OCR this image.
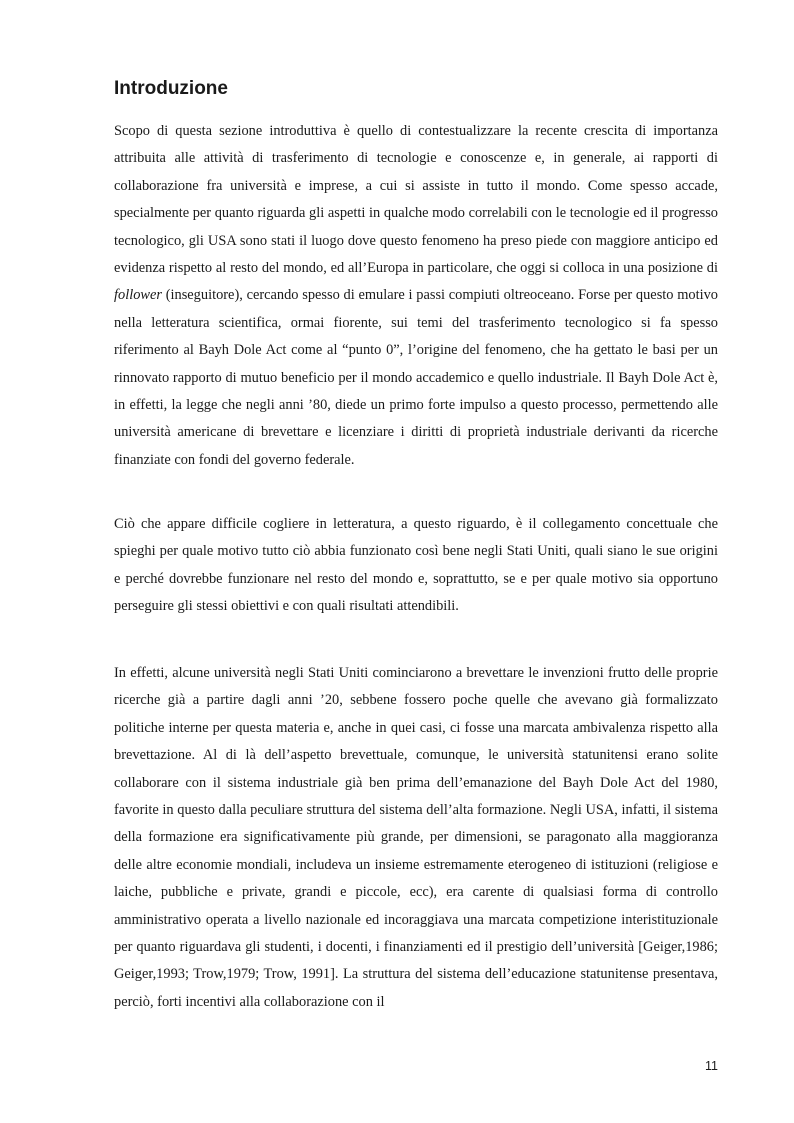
Introduzione

Scopo di questa sezione introduttiva è quello di contestualizzare la recente crescita di importanza attribuita alle attività di trasferimento di tecnologie e conoscenze e, in generale, ai rapporti di collaborazione fra università e imprese, a cui si assiste in tutto il mondo. Come spesso accade, specialmente per quanto riguarda gli aspetti in qualche modo correlabili con le tecnologie ed il progresso tecnologico, gli USA sono stati il luogo dove questo fenomeno ha preso piede con maggiore anticipo ed evidenza rispetto al resto del mondo, ed all’Europa in particolare, che oggi si colloca in una posizione di follower (inseguitore), cercando spesso di emulare i passi compiuti oltreoceano. Forse per questo motivo nella letteratura scientifica, ormai fiorente, sui temi del trasferimento tecnologico si fa spesso riferimento al Bayh Dole Act come al “punto 0”, l’origine del fenomeno, che ha gettato le basi per un rinnovato rapporto di mutuo beneficio per il mondo accademico e quello industriale. Il Bayh Dole Act è, in effetti, la legge che negli anni ’80, diede un primo forte impulso a questo processo, permettendo alle università americane di brevettare e licenziare i diritti di proprietà industriale derivanti da ricerche finanziate con fondi del governo federale.

Ciò che appare difficile cogliere in letteratura, a questo riguardo, è il collegamento concettuale che spieghi per quale motivo tutto ciò abbia funzionato così bene negli Stati Uniti, quali siano le sue origini e perché dovrebbe funzionare nel resto del mondo e, soprattutto, se e per quale motivo sia opportuno perseguire gli stessi obiettivi e con quali risultati attendibili.

In effetti, alcune università negli Stati Uniti cominciarono a brevettare le invenzioni frutto delle proprie ricerche già a partire dagli anni ’20, sebbene fossero poche quelle che avevano già formalizzato politiche interne per questa materia e, anche in quei casi, ci fosse una marcata ambivalenza rispetto alla brevettazione. Al di là dell’aspetto brevettuale, comunque, le università statunitensi erano solite collaborare con il sistema industriale già ben prima dell’emanazione del Bayh Dole Act del 1980, favorite in questo dalla peculiare struttura del sistema dell’alta formazione. Negli USA, infatti, il sistema della formazione era significativamente più grande, per dimensioni, se paragonato alla maggioranza delle altre economie mondiali, includeva un insieme estremamente eterogeneo di istituzioni (religiose e laiche, pubbliche e private, grandi e piccole, ecc), era carente di qualsiasi forma di controllo amministrativo operata a livello nazionale ed incoraggiava una marcata competizione interistituzionale per quanto riguardava gli studenti, i docenti, i finanziamenti ed il prestigio dell’università [Geiger,1986; Geiger,1993; Trow,1979; Trow, 1991]. La struttura del sistema dell’educazione statunitense presentava, perciò, forti incentivi alla collaborazione con il

11
